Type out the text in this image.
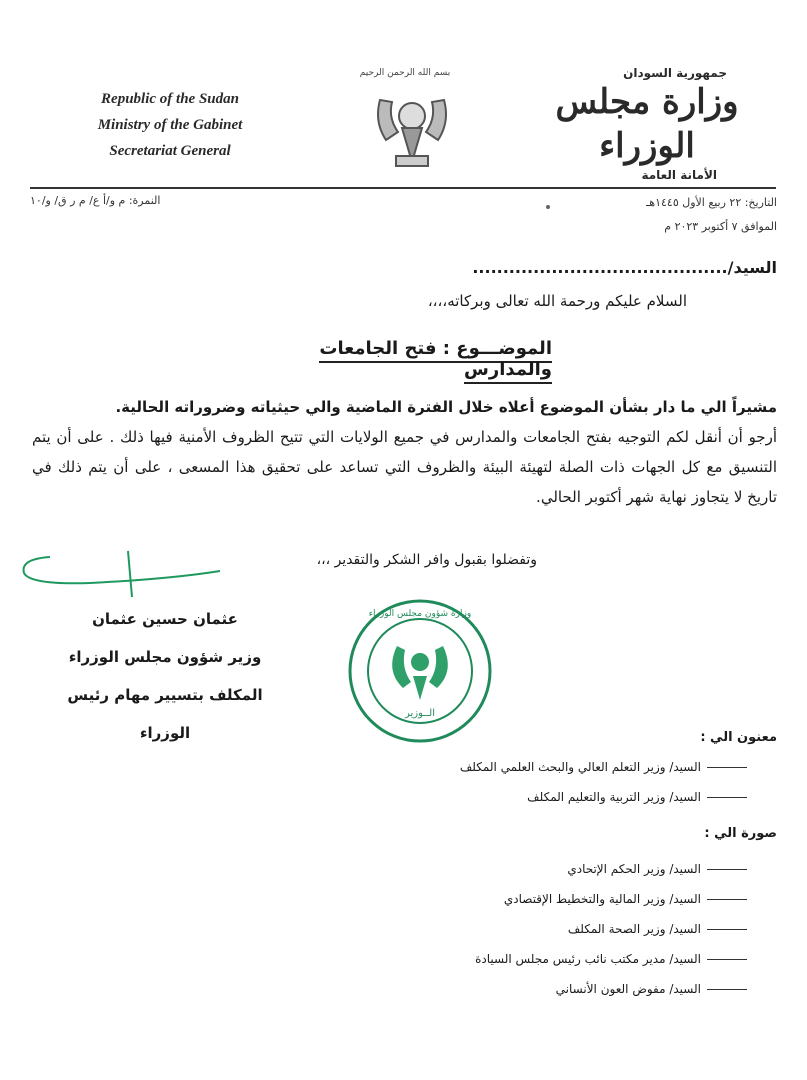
Republic of the Sudan
Ministry of the Gabinet
Secretariat General
جمهورية السودان
وزارة مجلس الوزراء
الأمانة العامة
بسم الله الرحمن الرحيم
النمرة: م و/أ ع/ م ر ق/ و/١٠	التاريخ: ٢٢ ربيع الأول ١٤٤٥هـ
الموافق ٧ أكتوبر ٢٠٢٣ م
السيد/..........................................
السلام عليكم ورحمة الله تعالى وبركاته،،،،
الموضـــوع : فتح الجامعات والمدارس

مشيراً الي ما دار بشأن الموضوع أعلاه خلال الفترة الماضية والي حيثياته وضروراته الحالية.

أرجو أن أنقل لكم التوجيه بفتح الجامعات والمدارس في جميع الولايات التي تتيح الظروف الأمنية فيها ذلك . على أن يتم التنسيق مع كل الجهات ذات الصلة لتهيئة البيئة والظروف التي تساعد على تحقيق هذا المسعى ، على أن يتم ذلك في تاريخ لا يتجاوز نهاية شهر أكتوبر الحالي.

وتفضلوا بقبول وافر الشكر والتقدير ،،،
عثمان حسين عثمان
وزير شؤون مجلس الوزراء
المكلف بتسيير مهام رئيس الوزراء
وزارة شؤون مجلس الوزراء
الــوزير
معنون الي :
السيد/ وزير التعلم العالي والبحث العلمي المكلف
السيد/ وزير التربية والتعليم المكلف
صورة الي :
السيد/ وزير الحكم الإتحادي
السيد/ وزير المالية والتخطيط الإقتصادي
السيد/ وزير الصحة المكلف
السيد/ مدير مكتب نائب رئيس مجلس السيادة
السيد/ مفوض العون الأنساني
